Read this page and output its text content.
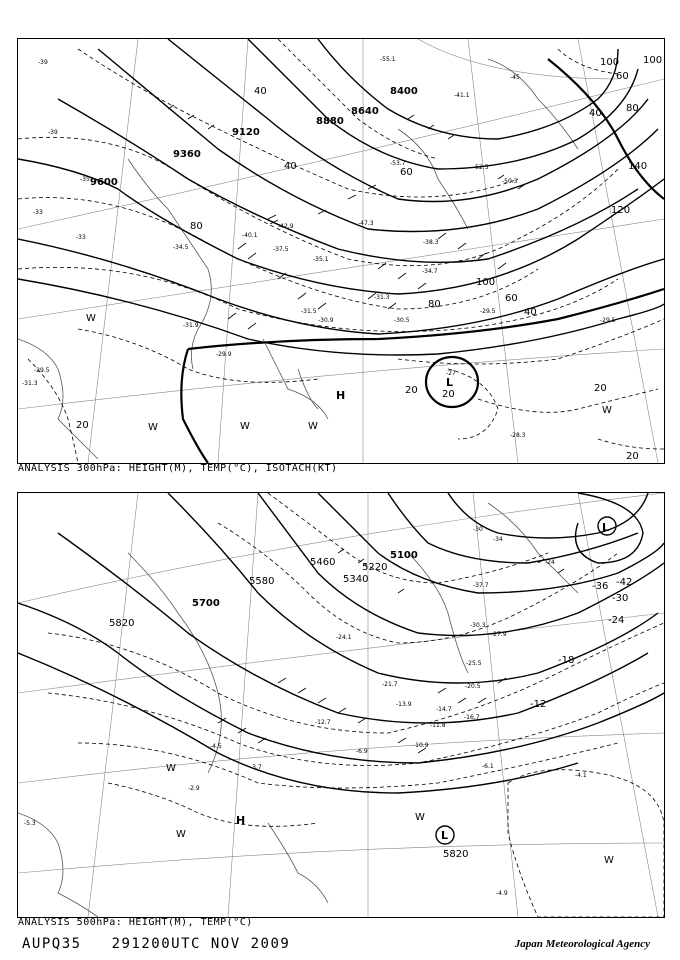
9600
9360
9120
8880
8640
8400
40
40
60
80
100
120
140
100
80
60
40
100
80
60
40
20 20
20
20
20
-39
-39
-41.1
-45
-52.5
-50.3
-53.7
-55.1
-34.7
-38.3
-40.1
-37.5
-35.1
-34.5
-31.3
-31.9
-31.5
-30.9	-30.5
-29.5
-29.5
-29.9
-29.5	-27
-28.3
-31.3
-33
-33
-35
-47.3
-42.9
H
L
W
W	W	W
W
ANALYSIS 300hPa: HEIGHT(M), TEMP(°C), ISOTACH(KT)
5820
5700
5580
5460
5340
5220
5100
5820
-42
-36
-30
-24
-18
-12
-34
-30
-24
-37.7
-30.3
-27.9
-25.5
-20.5
-16.7
-14.7
-12.7
-10.9
-6.1
-4.9
-4.1
-5.3
-13.9
-11.8
-6.9
-2.9
-3.7
-4.5
-24.1
-21.7
H
L
L
W
W
W
W
ANALYSIS 500hPa: HEIGHT(M), TEMP(°C)
AUPQ35 291200UTC NOV 2009	Japan Meteorological Agency
